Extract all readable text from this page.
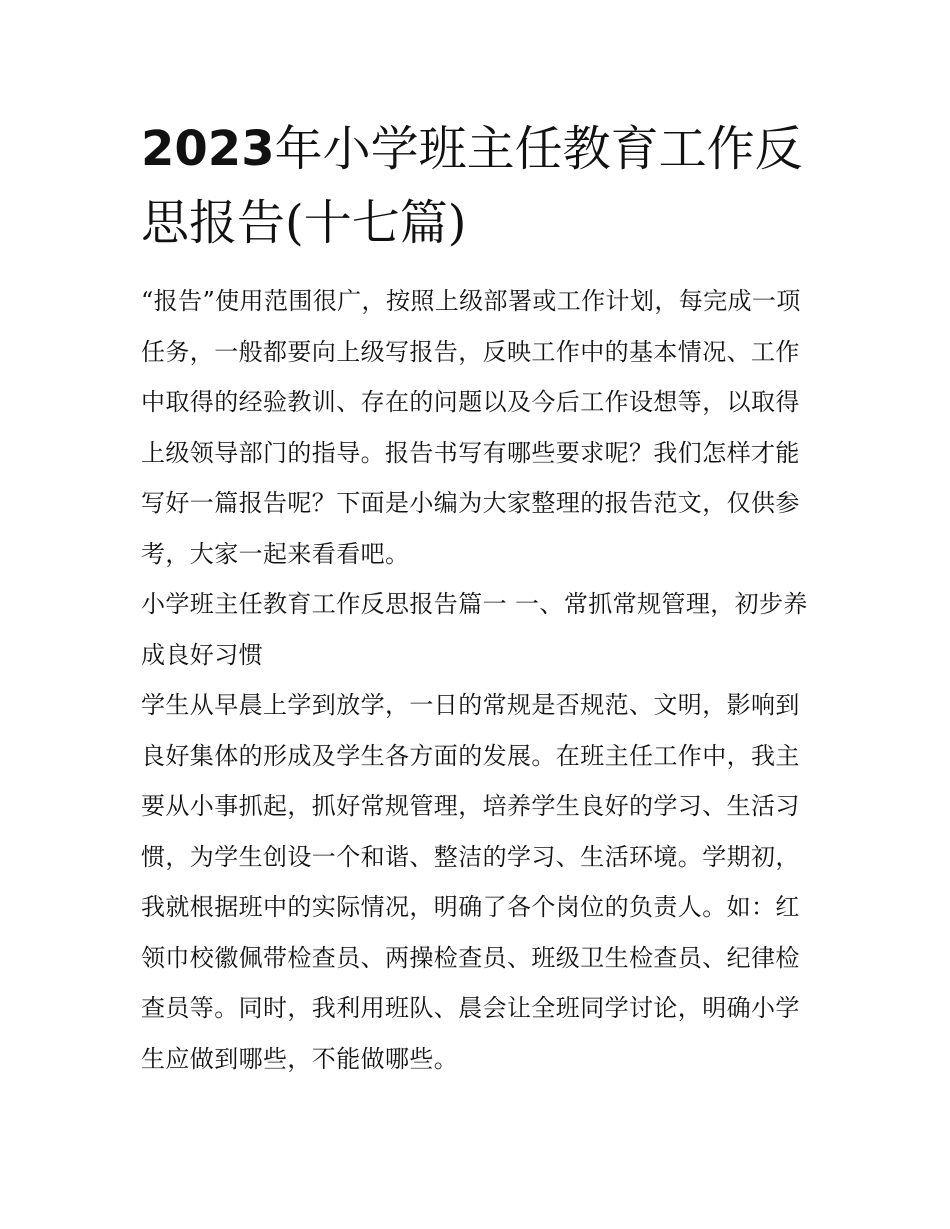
2023年小学班主任教育工作反思报告(十七篇)

“报告”使用范围很广，按照上级部署或工作计划，每完成一项任务，一般都要向上级写报告，反映工作中的基本情况、工作中取得的经验教训、存在的问题以及今后工作设想等，以取得上级领导部门的指导。报告书写有哪些要求呢？我们怎样才能写好一篇报告呢？下面是小编为大家整理的报告范文，仅供参考，大家一起来看看吧。

小学班主任教育工作反思报告篇一 一、常抓常规管理，初步养成良好习惯

学生从早晨上学到放学，一日的常规是否规范、文明，影响到良好集体的形成及学生各方面的发展。在班主任工作中，我主要从小事抓起，抓好常规管理，培养学生良好的学习、生活习惯，为学生创设一个和谐、整洁的学习、生活环境。学期初，我就根据班中的实际情况，明确了各个岗位的负责人。如：红领巾校徽佩带检查员、两操检查员、班级卫生检查员、纪律检查员等。同时，我利用班队、晨会让全班同学讨论，明确小学生应做到哪些，不能做哪些。
